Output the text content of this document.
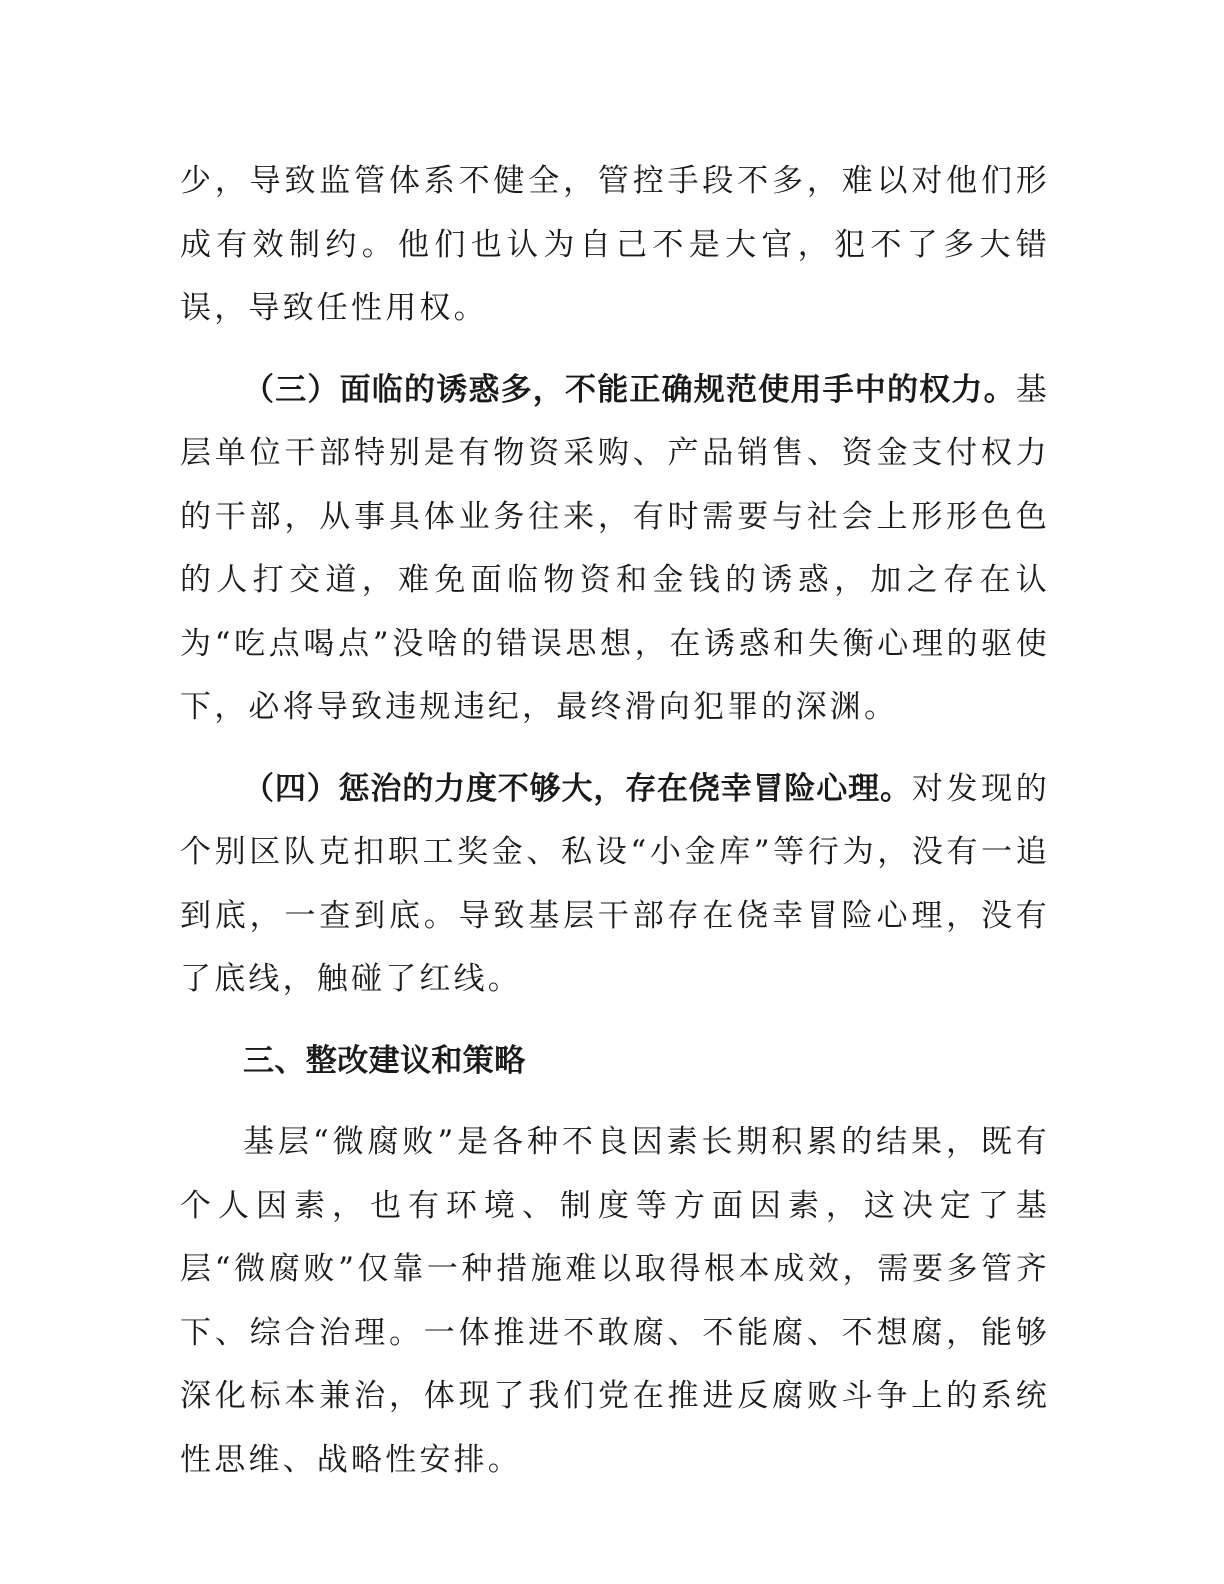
少，导致监管体系不健全，管控手段不多，难以对他们形成有效制约。他们也认为自己不是大官，犯不了多大错误，导致任性用权。

（三）面临的诱惑多，不能正确规范使用手中的权力。基层单位干部特别是有物资采购、产品销售、资金支付权力的干部，从事具体业务往来，有时需要与社会上形形色色的人打交道，难免面临物资和金钱的诱惑，加之存在认为“吃点喝点”没啥的错误思想，在诱惑和失衡心理的驱使下，必将导致违规违纪，最终滑向犯罪的深渊。

（四）惩治的力度不够大，存在侥幸冒险心理。对发现的个别区队克扣职工奖金、私设“小金库”等行为，没有一追到底，一查到底。导致基层干部存在侥幸冒险心理，没有了底线，触碰了红线。

三、整改建议和策略

基层“微腐败”是各种不良因素长期积累的结果，既有个人因素，也有环境、制度等方面因素，这决定了基层“微腐败”仅靠一种措施难以取得根本成效，需要多管齐下、综合治理。一体推进不敢腐、不能腐、不想腐，能够深化标本兼治，体现了我们党在推进反腐败斗争上的系统性思维、战略性安排。
